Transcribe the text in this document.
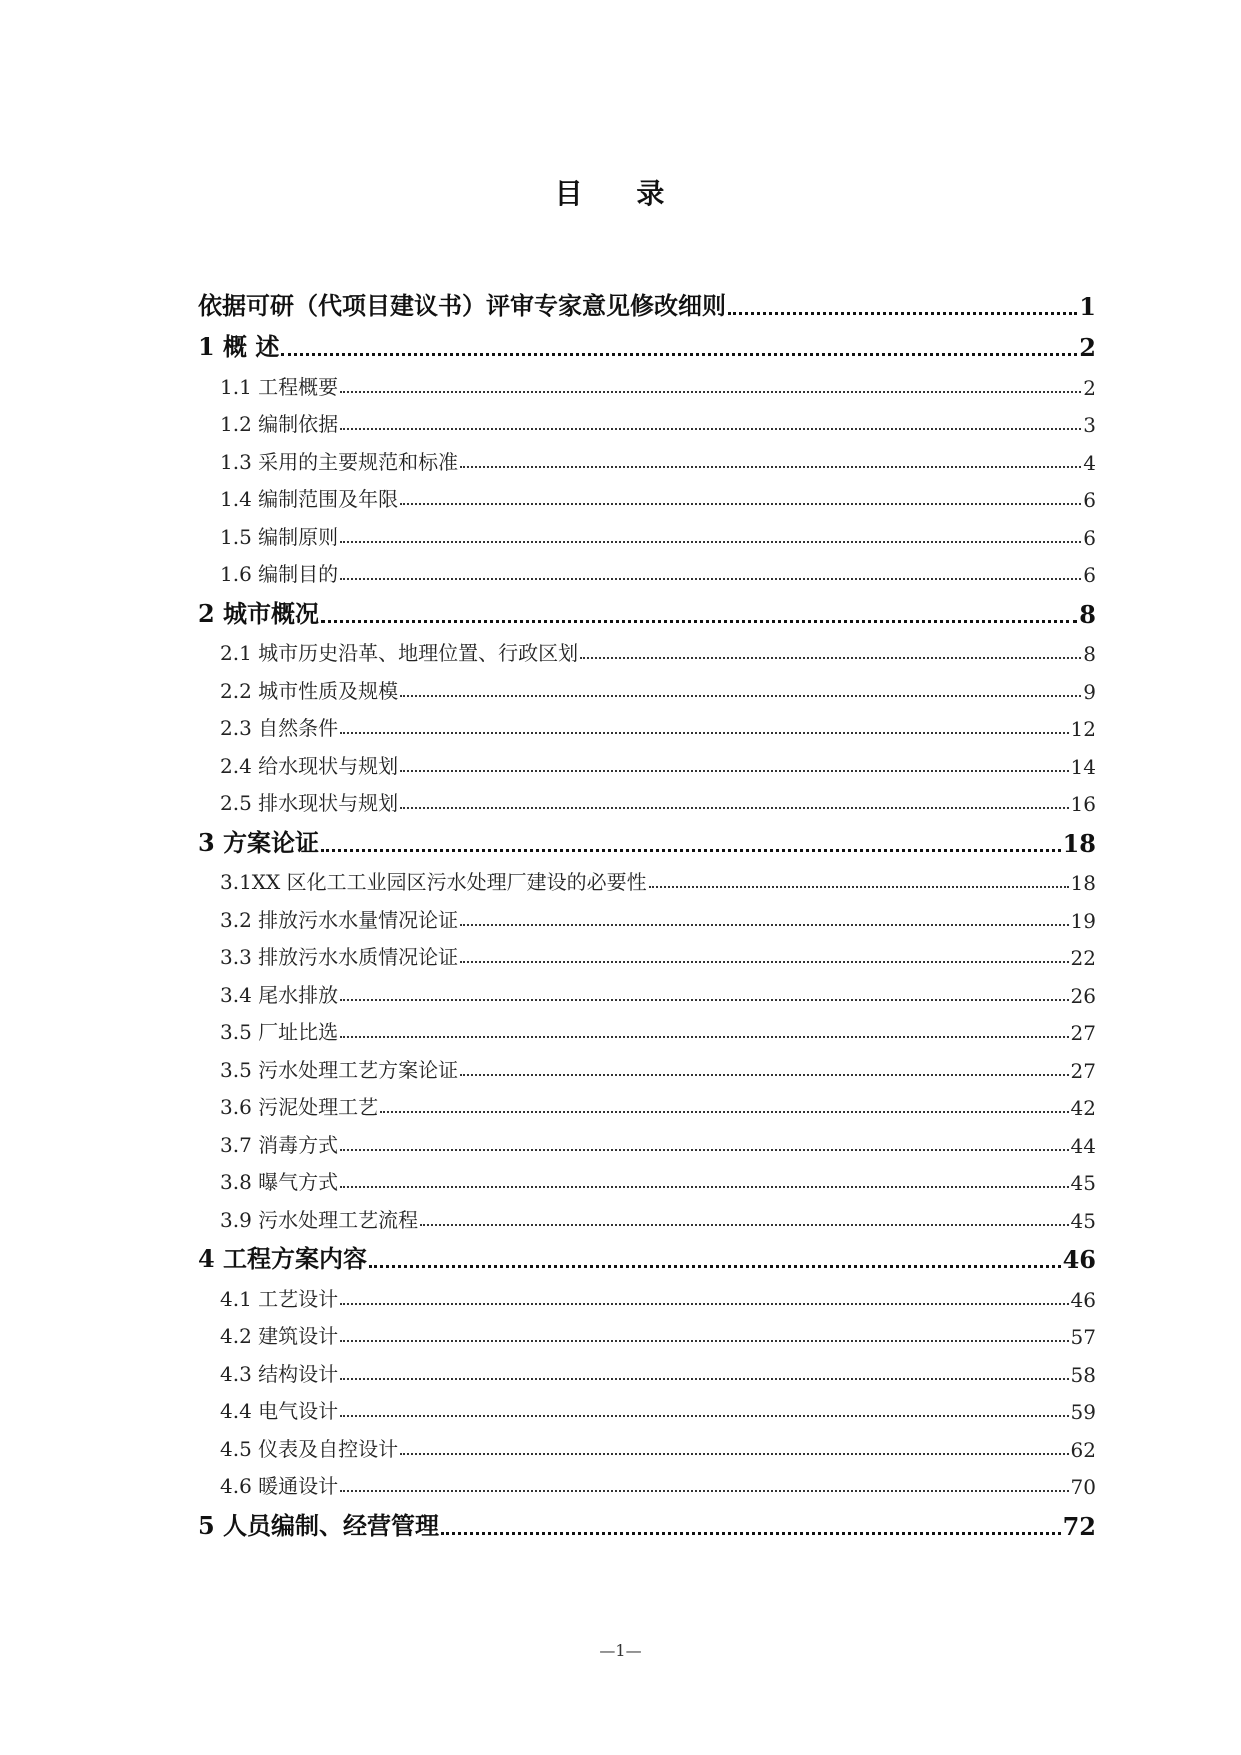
目 录
依据可研（代项目建议书）评审专家意见修改细则	1
1 概 述	2
1.1 工程概要	2
1.2 编制依据	3
1.3 采用的主要规范和标准	4
1.4 编制范围及年限	6
1.5 编制原则	6
1.6 编制目的	6
2 城市概况	8
2.1 城市历史沿革、地理位置、行政区划	8
2.2 城市性质及规模	9
2.3 自然条件	12
2.4 给水现状与规划	14
2.5 排水现状与规划	16
3 方案论证	18
3.1XX 区化工工业园区污水处理厂建设的必要性	18
3.2 排放污水水量情况论证	19
3.3 排放污水水质情况论证	22
3.4 尾水排放	26
3.5 厂址比选	27
3.5 污水处理工艺方案论证	27
3.6 污泥处理工艺	42
3.7 消毒方式	44
3.8 曝气方式	45
3.9 污水处理工艺流程	45
4 工程方案内容	46
4.1 工艺设计	46
4.2 建筑设计	57
4.3 结构设计	58
4.4 电气设计	59
4.5 仪表及自控设计	62
4.6 暖通设计	70
5 人员编制、经营管理	72
—1—
